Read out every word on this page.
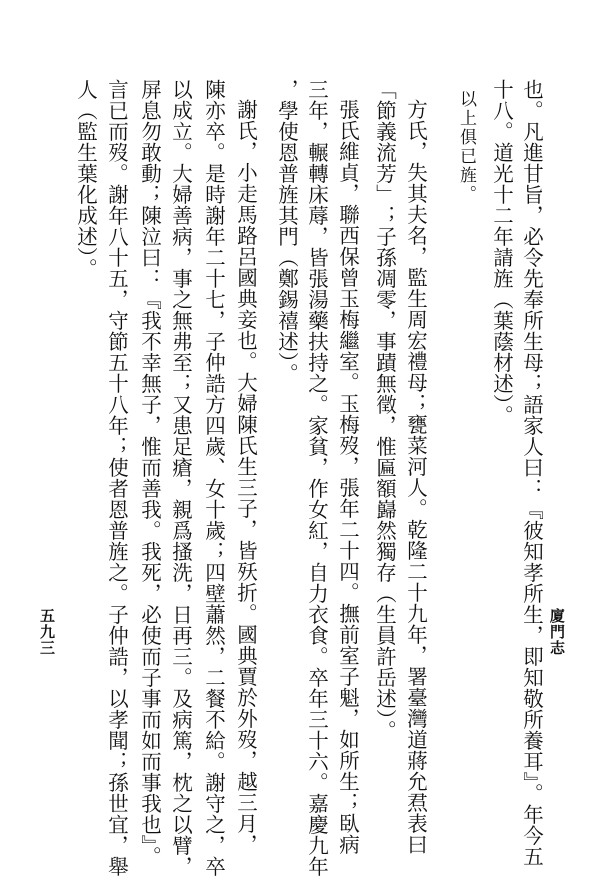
也。凡進甘旨，必令先奉所生母；語家人曰：『彼知孝所生，即知敬所養耳』。年今五
十八。道光十二年請旌（葉蔭材述）。
以上俱已旌。
方氏，失其夫名，監生周宏禮母；甕菜河人。乾隆二十九年，署臺灣道蔣允焄表曰
「節義流芳」；子孫凋零，事蹟無徵，惟匾額巋然獨存（生員許岳述）。
張氏維貞，聯西保曾玉梅繼室。玉梅歿，張年二十四。撫前室子魁，如所生；臥病
三年，輾轉床蓐，皆張湯藥扶持之。家貧，作女紅，自力衣食。卒年三十六。嘉慶九年
，學使恩普旌其門（鄭錫禧述）。
謝氏，小走馬路呂國典妾也。大婦陳氏生三子，皆殀折。國典賈於外歿，越三月，
陳亦卒。是時謝年二十七，子仲誥方四歲、女十歲；四壁蕭然，二餐不給。謝守之，卒
以成立。大婦善病，事之無弗至；又患足瘡，親爲搔洗，日再三。及病篤，枕之以臂，
屏息勿敢動；陳泣曰：『我不幸無子，惟而善我。我死，必使而子事而如而事我也』。
言已而歿。謝年八十五，守節五十八年；使者恩普旌之。子仲誥，以孝聞；孫世宜，舉
人（監生葉化成述）。
廈門志
五九三
